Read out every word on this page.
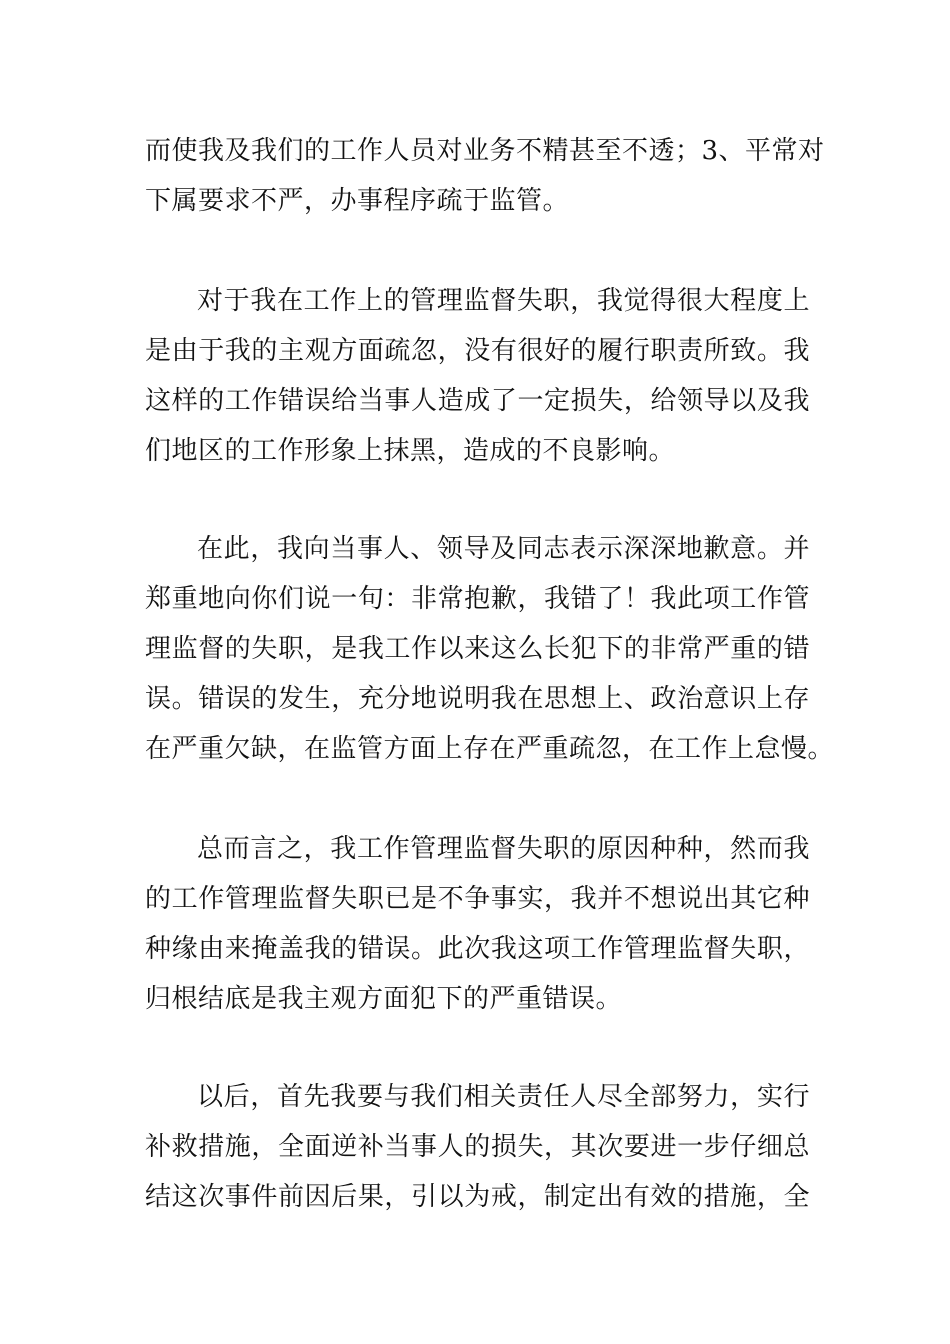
而使我及我们的工作人员对业务不精甚至不透；3、平常对
下属要求不严，办事程序疏于监管。
对于我在工作上的管理监督失职，我觉得很大程度上
是由于我的主观方面疏忽，没有很好的履行职责所致。我
这样的工作错误给当事人造成了一定损失，给领导以及我
们地区的工作形象上抹黑，造成的不良影响。
在此，我向当事人、领导及同志表示深深地歉意。并
郑重地向你们说一句：非常抱歉，我错了！我此项工作管
理监督的失职，是我工作以来这么长犯下的非常严重的错
误。错误的发生，充分地说明我在思想上、政治意识上存
在严重欠缺，在监管方面上存在严重疏忽，在工作上怠慢。
总而言之，我工作管理监督失职的原因种种，然而我
的工作管理监督失职已是不争事实，我并不想说出其它种
种缘由来掩盖我的错误。此次我这项工作管理监督失职，
归根结底是我主观方面犯下的严重错误。
以后，首先我要与我们相关责任人尽全部努力，实行
补救措施，全面逆补当事人的损失，其次要进一步仔细总
结这次事件前因后果，引以为戒，制定出有效的措施，全
